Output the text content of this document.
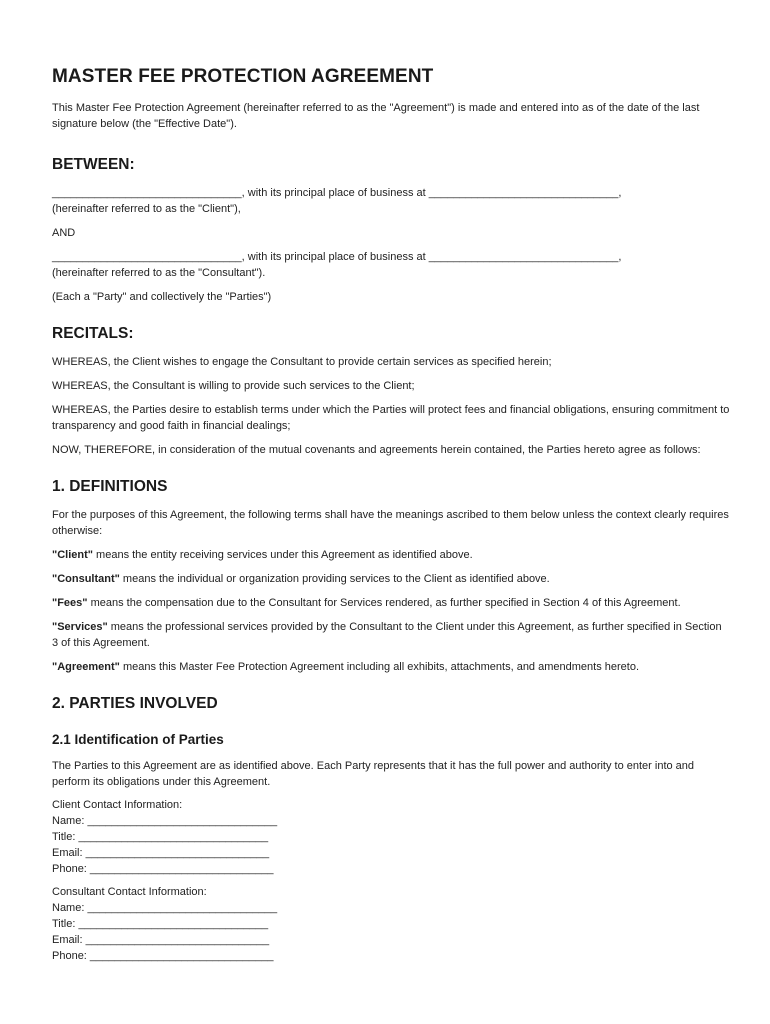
MASTER FEE PROTECTION AGREEMENT

This Master Fee Protection Agreement (hereinafter referred to as the "Agreement") is made and entered into as of the date of the last signature below (the "Effective Date").

BETWEEN:

_______________________________, with its principal place of business at _______________________________,

(hereinafter referred to as the "Client"),

AND

_______________________________, with its principal place of business at _______________________________,

(hereinafter referred to as the "Consultant").

(Each a "Party" and collectively the "Parties")

RECITALS:

WHEREAS, the Client wishes to engage the Consultant to provide certain services as specified herein;

WHEREAS, the Consultant is willing to provide such services to the Client;

WHEREAS, the Parties desire to establish terms under which the Parties will protect fees and financial obligations, ensuring commitment to transparency and good faith in financial dealings;

NOW, THEREFORE, in consideration of the mutual covenants and agreements herein contained, the Parties hereto agree as follows:

1. DEFINITIONS

For the purposes of this Agreement, the following terms shall have the meanings ascribed to them below unless the context clearly requires otherwise:

"Client" means the entity receiving services under this Agreement as identified above.

"Consultant" means the individual or organization providing services to the Client as identified above.

"Fees" means the compensation due to the Consultant for Services rendered, as further specified in Section 4 of this Agreement.

"Services" means the professional services provided by the Consultant to the Client under this Agreement, as further specified in Section 3 of this Agreement.

"Agreement" means this Master Fee Protection Agreement including all exhibits, attachments, and amendments hereto.

2. PARTIES INVOLVED
2.1 Identification of Parties

The Parties to this Agreement are as identified above. Each Party represents that it has the full power and authority to enter into and perform its obligations under this Agreement.

Client Contact Information:

Name: _______________________________

Title: _______________________________

Email: ______________________________

Phone: ______________________________

Consultant Contact Information:

Name: _______________________________

Title: _______________________________

Email: ______________________________

Phone: ______________________________
